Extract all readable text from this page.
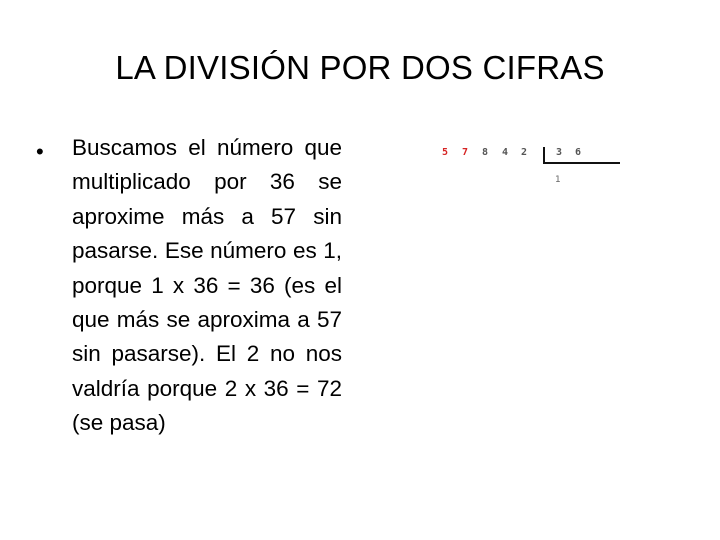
LA DIVISIÓN POR DOS CIFRAS
• Buscamos el número que multiplicado por 36 se aproxime más a 57 sin pasarse. Ese número es 1, porque 1 x 36 = 36 (es el que más se aproxima a 57 sin pasarse). El 2 no nos valdría porque 2 x 36 = 72 (se pasa)
5 7 8 4 2	3 6
1
